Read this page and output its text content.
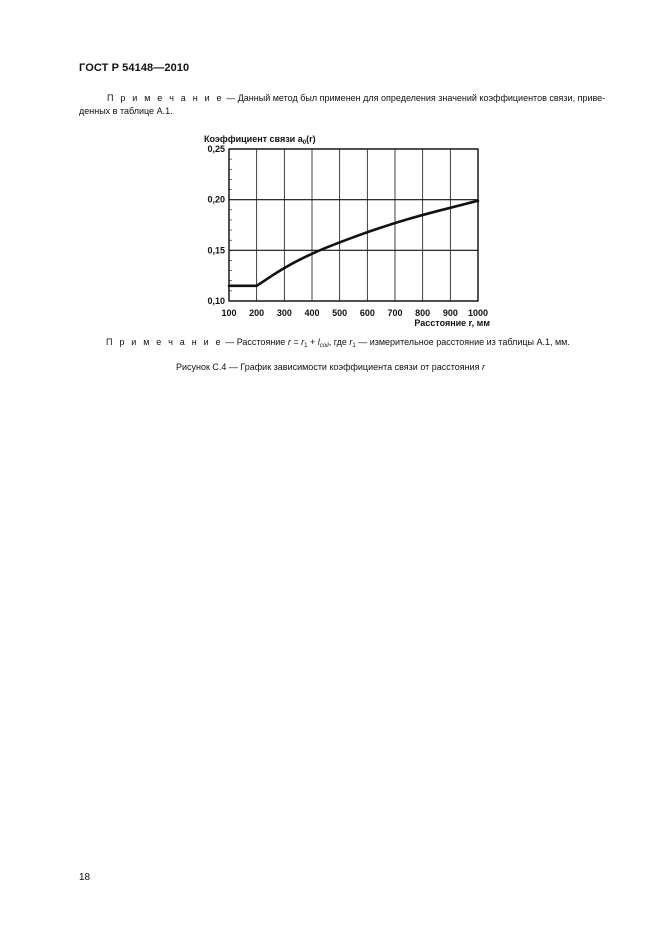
ГОСТ Р 54148—2010
П р и м е ч а н и е — Данный метод был применен для определения значений коэффициентов связи, приве-денных в таблице А.1.
100 200 300 400 500 600 700 800 900 1000
0,10
0,15
0,20
0,25
Коэффициент связи $a_0(r)$
Расстояние r, мм
П р и м е ч а н и е — Расстояние $r = r_1 + l_{coil}$, где $r_1$ — измерительное расстояние из таблицы А.1, мм.
Рисунок С.4 — График зависимости коэффициента связи от расстояния r
18
